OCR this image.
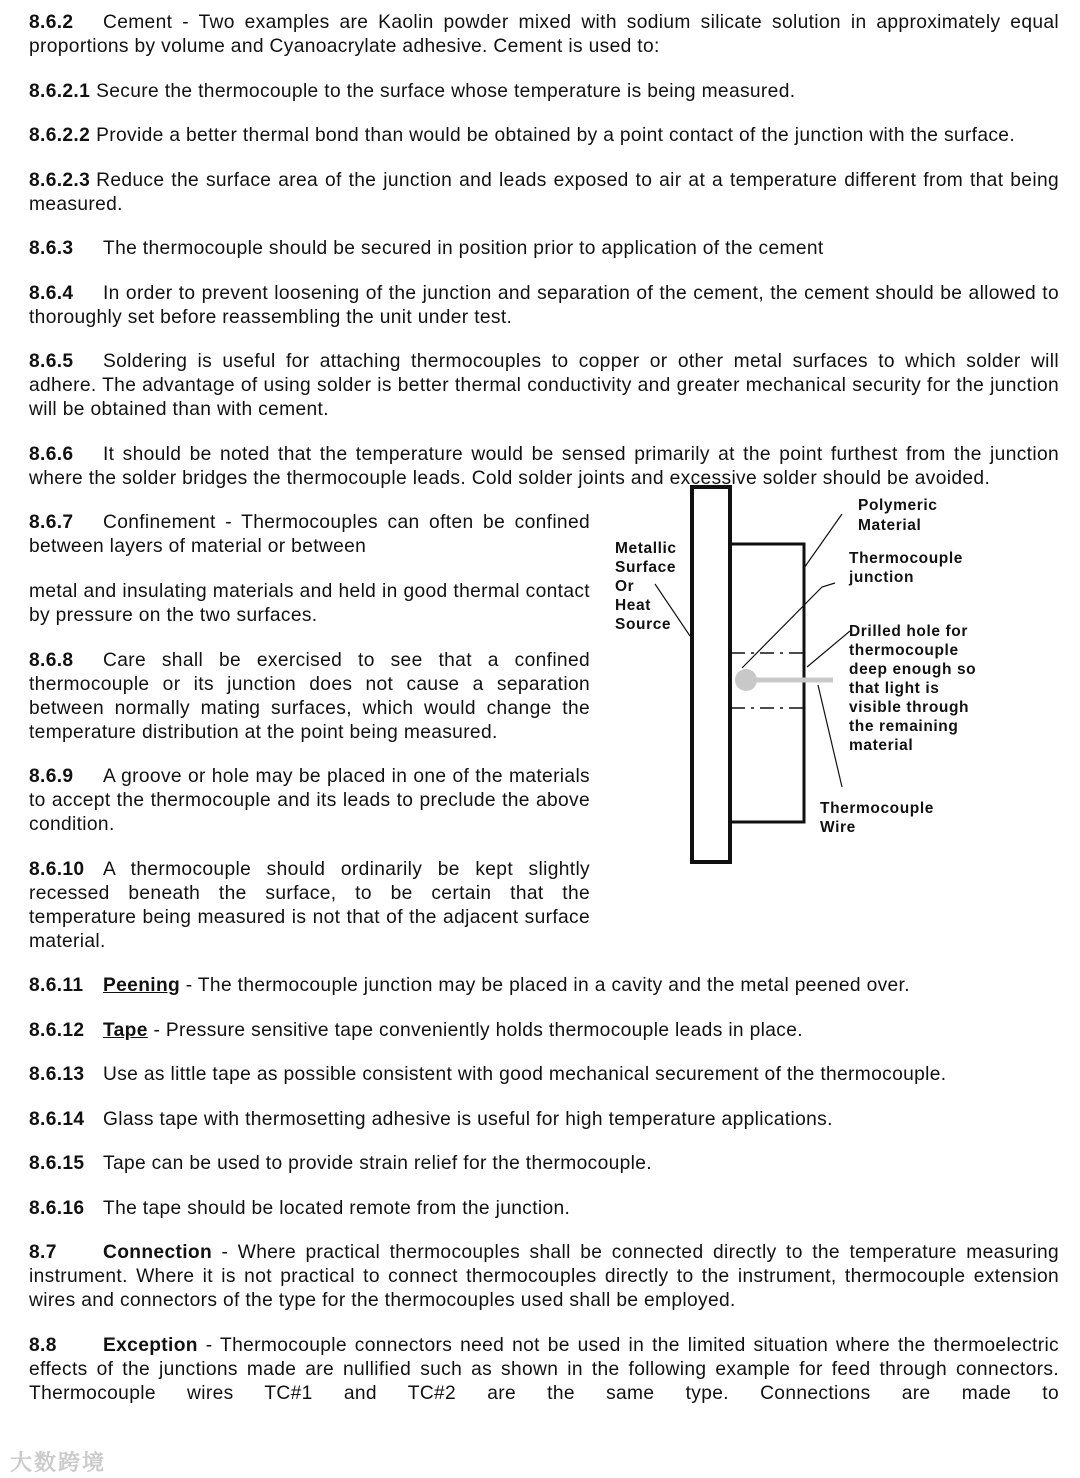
8.6.2 Cement - Two examples are Kaolin powder mixed with sodium silicate solution in approximately equal proportions by volume and Cyanoacrylate adhesive. Cement is used to:

8.6.2.1 Secure the thermocouple to the surface whose temperature is being measured.

8.6.2.2 Provide a better thermal bond than would be obtained by a point contact of the junction with the surface.

8.6.2.3 Reduce the surface area of the junction and leads exposed to air at a temperature different from that being measured.

8.6.3 The thermocouple should be secured in position prior to application of the cement

8.6.4 In order to prevent loosening of the junction and separation of the cement, the cement should be allowed to thoroughly set before reassembling the unit under test.

8.6.5 Soldering is useful for attaching thermocouples to copper or other metal surfaces to which solder will adhere. The advantage of using solder is better thermal conductivity and greater mechanical security for the junction will be obtained than with cement.

8.6.6 It should be noted that the temperature would be sensed primarily at the point furthest from the junction where the solder bridges the thermocouple leads. Cold solder joints and excessive solder should be avoided.

8.6.7 Confinement - Thermocouples can often be confined between layers of material or between

metal and insulating materials and held in good thermal contact by pressure on the two surfaces.

8.6.8 Care shall be exercised to see that a confined thermocouple or its junction does not cause a separation between normally mating surfaces, which would change the temperature distribution at the point being measured.

8.6.9 A groove or hole may be placed in one of the materials to accept the thermocouple and its leads to preclude the above condition.

8.6.10 A thermocouple should ordinarily be kept slightly recessed beneath the surface, to be certain that the temperature being measured is not that of the adjacent surface material.

Polymeric
Material
Thermocouple
junction
Metallic
Surface
Or
Heat
Source	Drilled hole for
thermocouple
deep enough so
that light is
visible through
the remaining
material
Thermocouple
Wire

8.6.11 Peening - The thermocouple junction may be placed in a cavity and the metal peened over.

8.6.12 Tape - Pressure sensitive tape conveniently holds thermocouple leads in place.

8.6.13 Use as little tape as possible consistent with good mechanical securement of the thermocouple.

8.6.14 Glass tape with thermosetting adhesive is useful for high temperature applications.

8.6.15 Tape can be used to provide strain relief for the thermocouple.

8.6.16 The tape should be located remote from the junction.

8.7 Connection - Where practical thermocouples shall be connected directly to the temperature measuring instrument. Where it is not practical to connect thermocouples directly to the instrument, thermocouple extension wires and connectors of the type for the thermocouples used shall be employed.

8.8 Exception - Thermocouple connectors need not be used in the limited situation where the thermoelectric effects of the junctions made are nullified such as shown in the following example for feed through connectors. Thermocouple wires TC#1 and TC#2 are the same type. Connections are made to

大数跨境
